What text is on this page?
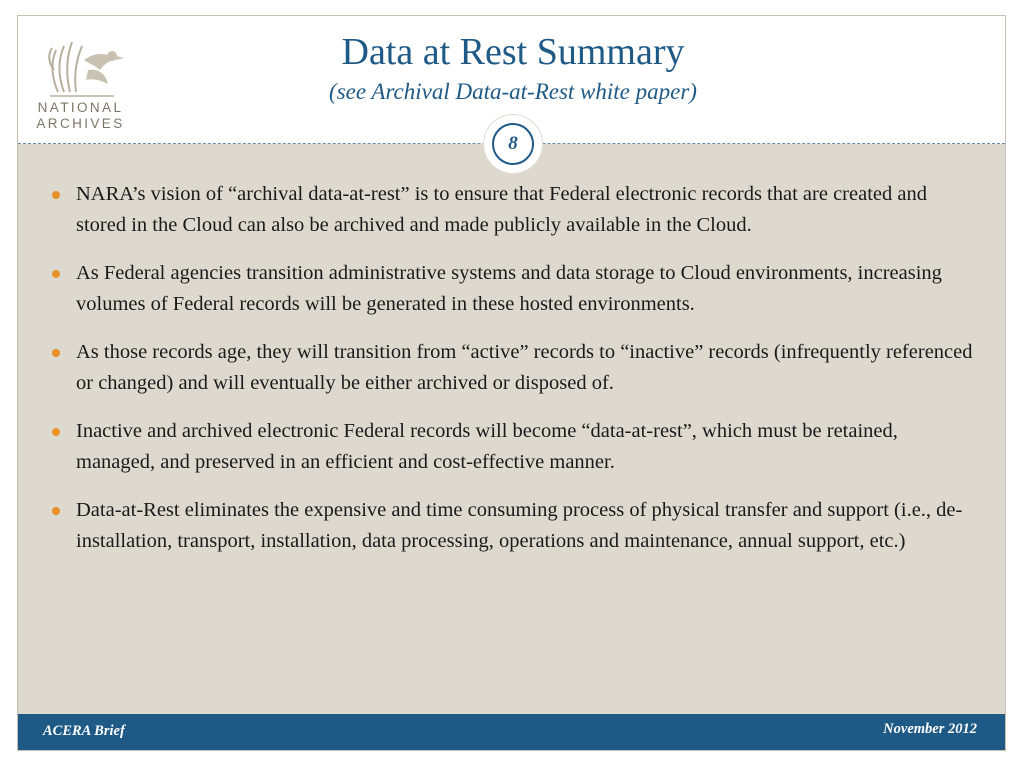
NATIONAL
ARCHIVES
Data at Rest Summary
(see Archival Data-at-Rest white paper)
NARA’s vision of “archival data-at-rest” is to ensure that Federal electronic records that are created and stored in the Cloud can also be archived and made publicly available in the Cloud.
As Federal agencies transition administrative systems and data storage to Cloud environments, increasing volumes of Federal records will be generated in these hosted environments.
As those records age, they will transition from “active” records to “inactive” records (infrequently referenced or changed) and will eventually be either archived or disposed of.
Inactive and archived electronic Federal records will become “data-at-rest”, which must be retained, managed, and preserved in an efficient and cost-effective manner.
Data-at-Rest eliminates the expensive and time consuming process of physical transfer and support (i.e., de-installation, transport, installation, data processing, operations and maintenance, annual support, etc.)
8
ACERA Brief	November 2012
